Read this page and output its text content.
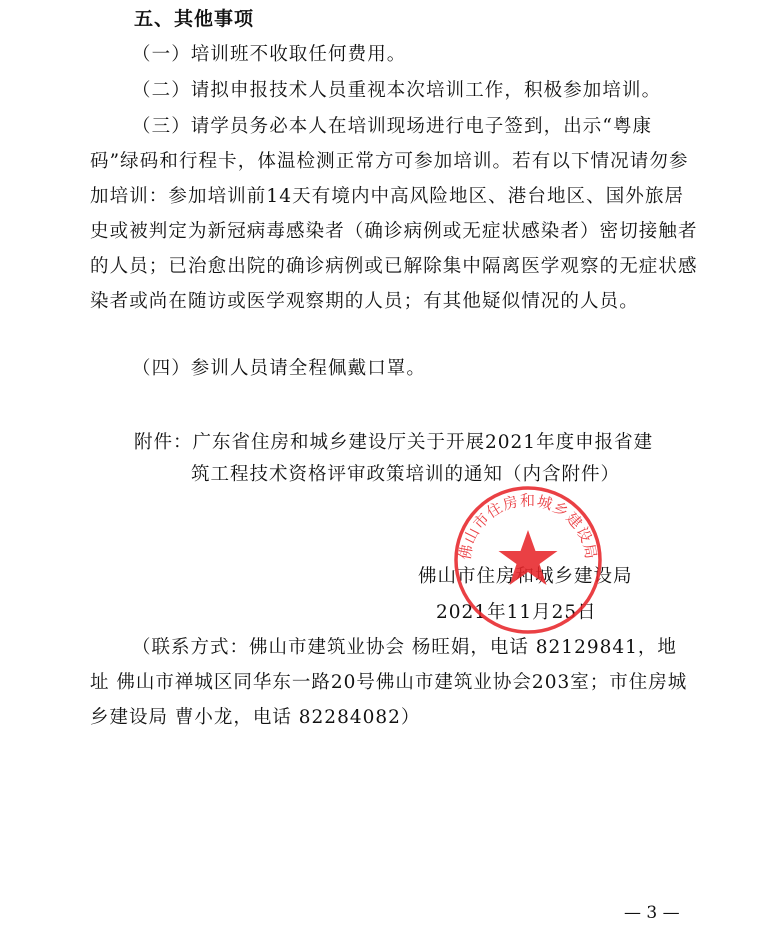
五、其他事项
（一）培训班不收取任何费用。
（二）请拟申报技术人员重视本次培训工作，积极参加培训。
（三）请学员务必本人在培训现场进行电子签到，出示“粤康码”绿码和行程卡，体温检测正常方可参加培训。若有以下情况请勿参加培训：参加培训前14天有境内中高风险地区、港台地区、国外旅居史或被判定为新冠病毒感染者（确诊病例或无症状感染者）密切接触者的人员；已治愈出院的确诊病例或已解除集中隔离医学观察的无症状感染者或尚在随访或医学观察期的人员；有其他疑似情况的人员。
（四）参训人员请全程佩戴口罩。
附件：广东省住房和城乡建设厅关于开展2021年度申报省建
筑工程技术资格评审政策培训的通知（内含附件）
佛山市住房和城乡建设局
2021年11月25日
佛山市住房和城乡建设局
（联系方式：佛山市建筑业协会 杨旺娟，电话 82129841，地址 佛山市禅城区同华东一路20号佛山市建筑业协会203室；市住房城乡建设局 曹小龙，电话 82284082）
— 3 —
